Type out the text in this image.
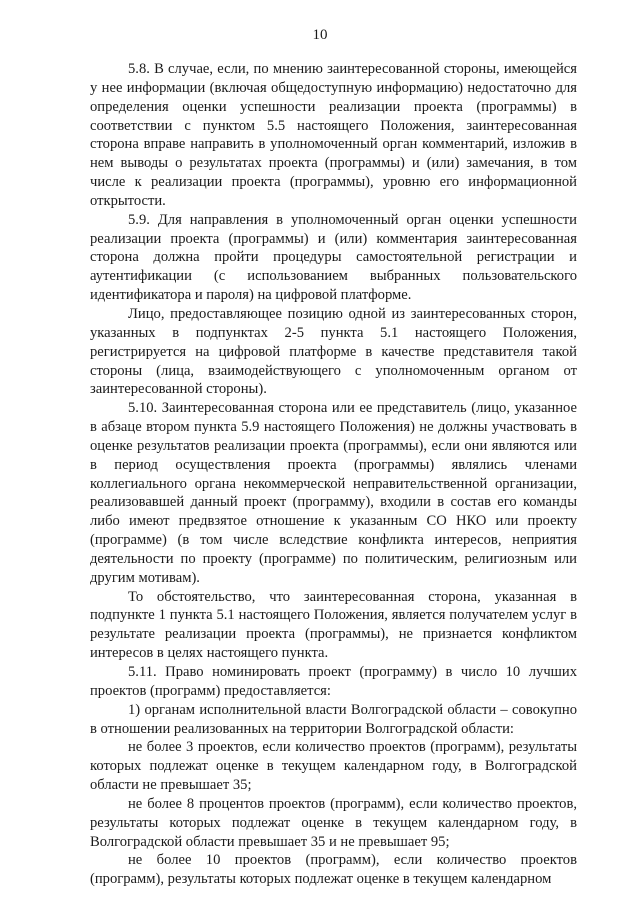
10

5.8. В случае, если, по мнению заинтересованной стороны, имеющейся у нее информации (включая общедоступную информацию) недостаточно для определения оценки успешности реализации проекта (программы) в соответствии с пунктом 5.5 настоящего Положения, заинтересованная сторона вправе направить в уполномоченный орган комментарий, изложив в нем выводы о результатах проекта (программы) и (или) замечания, в том числе к реализации проекта (программы), уровню его информационной открытости.

5.9. Для направления в уполномоченный орган оценки успешности реализации проекта (программы) и (или) комментария заинтересованная сторона должна пройти процедуры самостоятельной регистрации и аутентификации (с использованием выбранных пользовательского идентификатора и пароля) на цифровой платформе.

Лицо, предоставляющее позицию одной из заинтересованных сторон, указанных в подпунктах 2-5 пункта 5.1 настоящего Положения, регистрируется на цифровой платформе в качестве представителя такой стороны (лица, взаимодействующего с уполномоченным органом от заинтересованной стороны).

5.10. Заинтересованная сторона или ее представитель (лицо, указанное в абзаце втором пункта 5.9 настоящего Положения) не должны участвовать в оценке результатов реализации проекта (программы), если они являются или в период осуществления проекта (программы) являлись членами коллегиального органа некоммерческой неправительственной организации, реализовавшей данный проект (программу), входили в состав его команды либо имеют предвзятое отношение к указанным СО НКО или проекту (программе) (в том числе вследствие конфликта интересов, неприятия деятельности по проекту (программе) по политическим, религиозным или другим мотивам).

То обстоятельство, что заинтересованная сторона, указанная в подпункте 1 пункта 5.1 настоящего Положения, является получателем услуг в результате реализации проекта (программы), не признается конфликтом интересов в целях настоящего пункта.

5.11. Право номинировать проект (программу) в число 10 лучших проектов (программ) предоставляется:

1) органам исполнительной власти Волгоградской области – совокупно в отношении реализованных на территории Волгоградской области:

не более 3 проектов, если количество проектов (программ), результаты которых подлежат оценке в текущем календарном году, в Волгоградской области не превышает 35;

не более 8 процентов проектов (программ), если количество проектов, результаты которых подлежат оценке в текущем календарном году, в Волгоградской области превышает 35 и не превышает 95;

не более 10 проектов (программ), если количество проектов (программ), результаты которых подлежат оценке в текущем календарном
